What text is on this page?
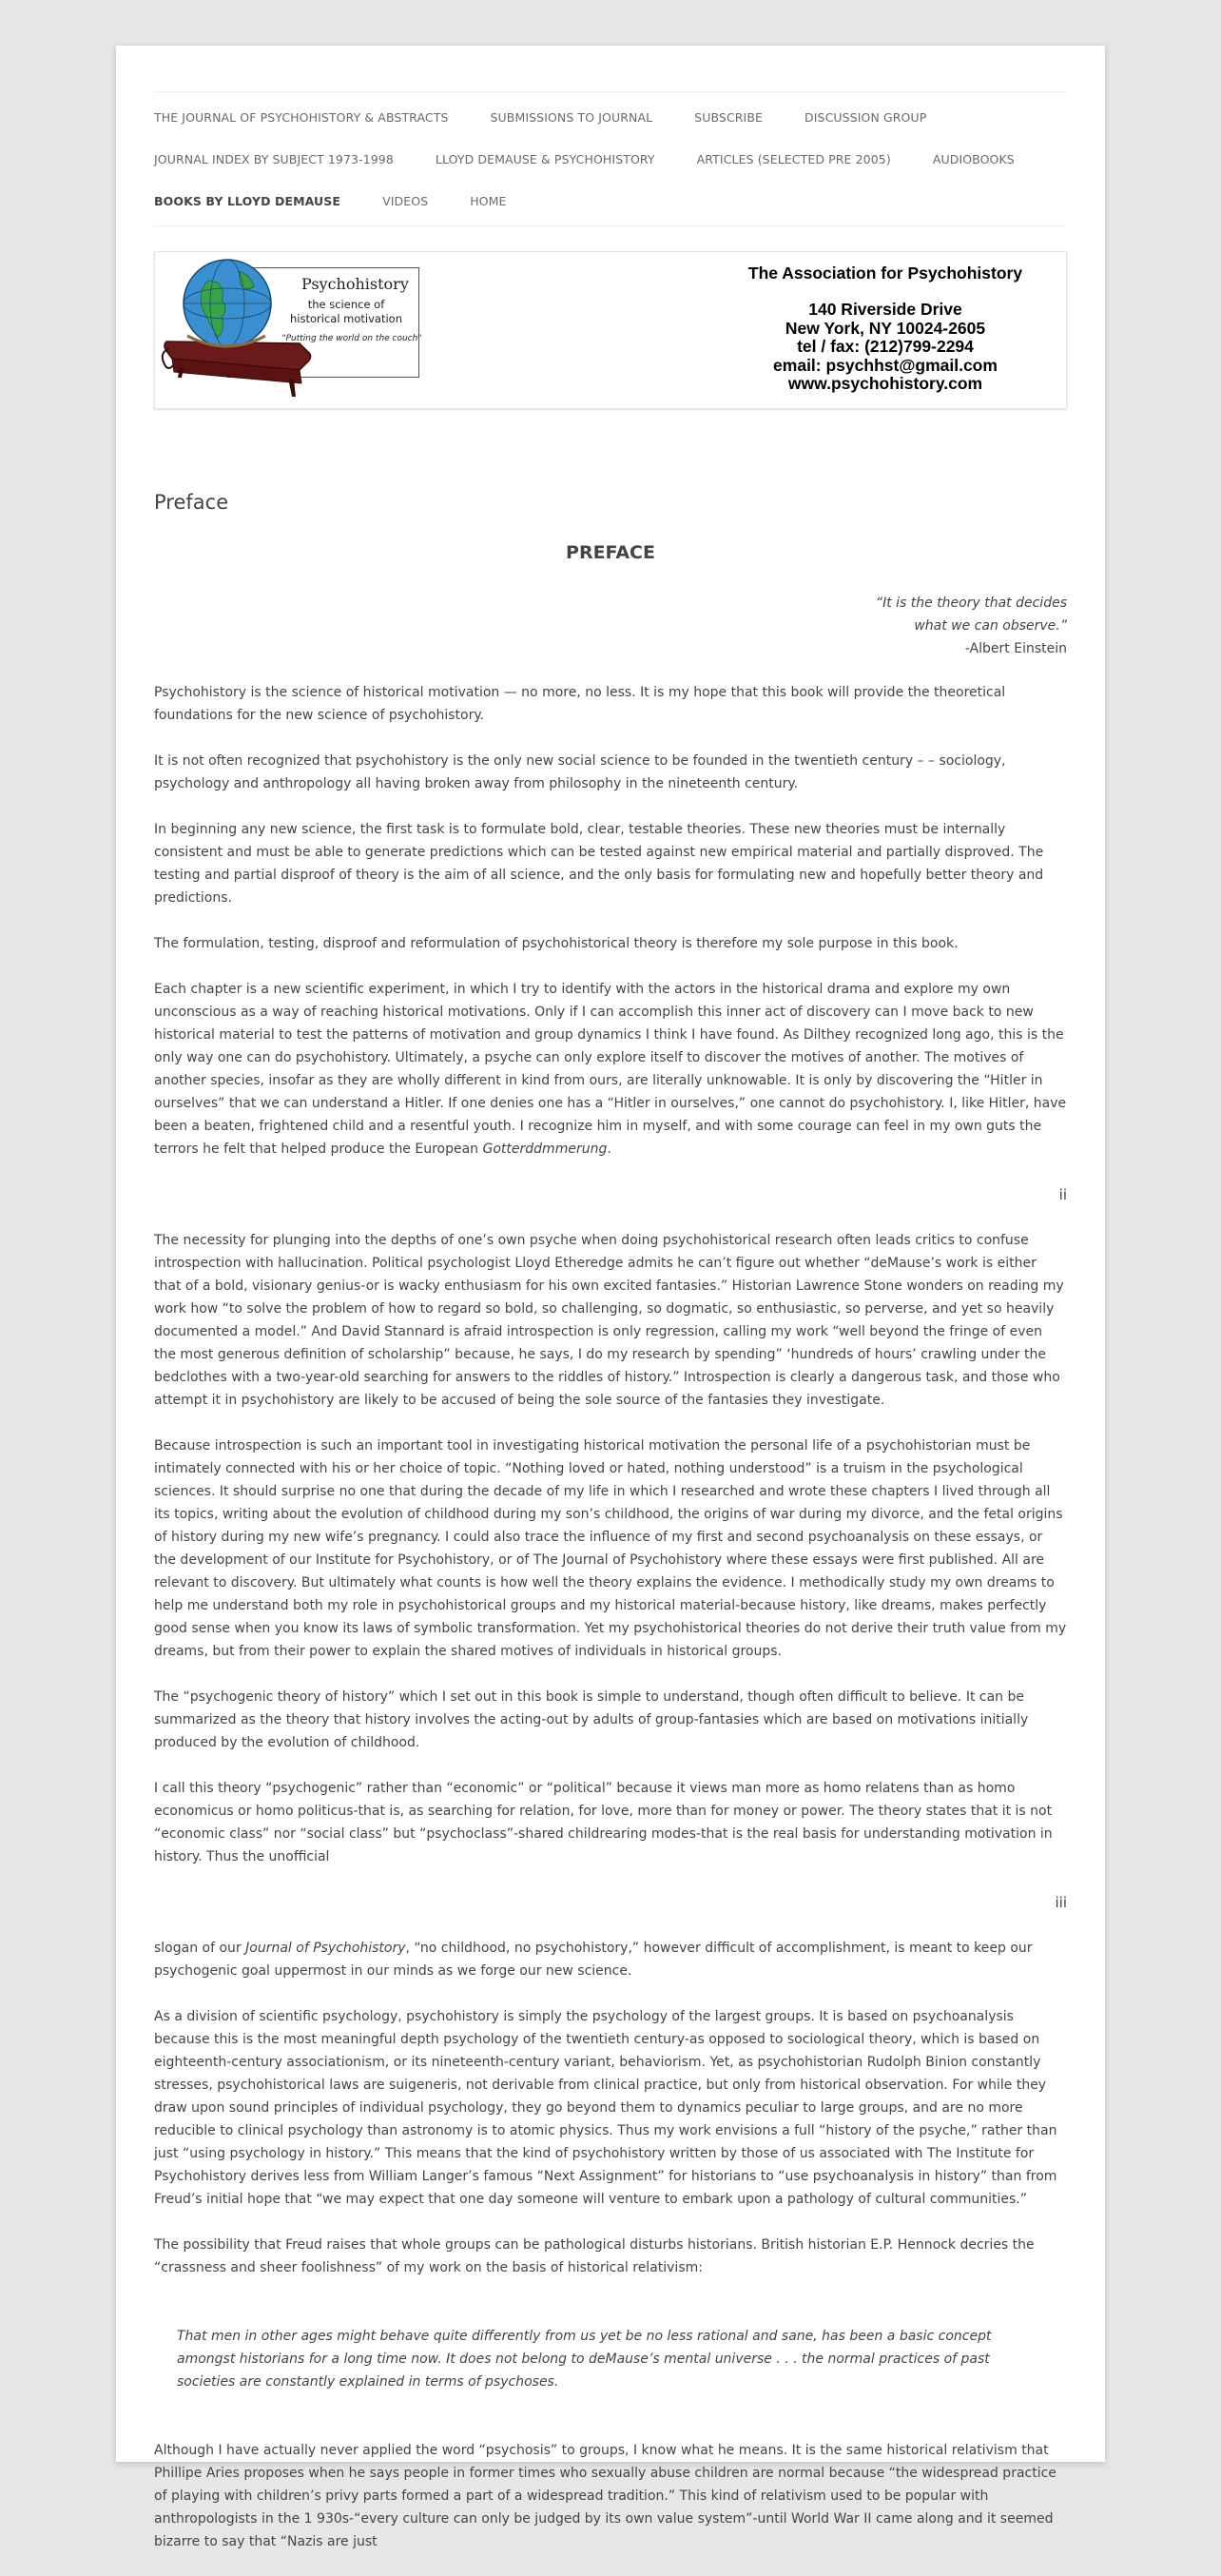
THE JOURNAL OF PSYCHOHISTORY & ABSTRACTS	SUBMISSIONS TO JOURNAL	SUBSCRIBE	DISCUSSION GROUP
JOURNAL INDEX BY SUBJECT 1973-1998	LLOYD DEMAUSE & PSYCHOHISTORY	ARTICLES (SELECTED PRE 2005)	AUDIOBOOKS
BOOKS BY LLOYD DEMAUSE	VIDEOS	HOME
Psychohistory
the science of
historical motivation
"Putting the world on the couch"
The Association for Psychohistory
140 Riverside Drive
New York, NY 10024-2605
tel / fax: (212)799-2294
email: psychhst@gmail.com
www.psychohistory.com
Preface
PREFACE
“It is the theory that decides
what we can observe.”
-Albert Einstein

Psychohistory is the science of historical motivation — no more, no less. It is my hope that this book will provide the theoretical foundations for the new science of psychohistory.

It is not often recognized that psychohistory is the only new social science to be founded in the twentieth century – – sociology, psychology and anthropology all having broken away from philosophy in the nineteenth century.

In beginning any new science, the first task is to formulate bold, clear, testable theories. These new theories must be internally consistent and must be able to generate predictions which can be tested against new empirical material and partially disproved. The testing and partial disproof of theory is the aim of all science, and the only basis for formulating new and hopefully better theory and predictions.

The formulation, testing, disproof and reformulation of psychohistorical theory is therefore my sole purpose in this book.

Each chapter is a new scientific experiment, in which I try to identify with the actors in the historical drama and explore my own unconscious as a way of reaching historical motivations. Only if I can accomplish this inner act of discovery can I move back to new historical material to test the patterns of motivation and group dynamics I think I have found. As Dilthey recognized long ago, this is the only way one can do psychohistory. Ultimately, a psyche can only explore itself to discover the motives of another. The motives of another species, insofar as they are wholly different in kind from ours, are literally unknowable. It is only by discovering the “Hitler in ourselves” that we can understand a Hitler. If one denies one has a “Hitler in ourselves,” one cannot do psychohistory. I, like Hitler, have been a beaten, frightened child and a resentful youth. I recognize him in myself, and with some courage can feel in my own guts the terrors he felt that helped produce the European Gotterddmmerung.

ii

The necessity for plunging into the depths of one’s own psyche when doing psychohistorical research often leads critics to confuse introspection with hallucination. Political psychologist Lloyd Etheredge admits he can’t figure out whether “deMause’s work is either that of a bold, visionary genius-or is wacky enthusiasm for his own excited fantasies.” Historian Lawrence Stone wonders on reading my work how “to solve the problem of how to regard so bold, so challenging, so dogmatic, so enthusiastic, so perverse, and yet so heavily documented a model.” And David Stannard is afraid introspection is only regression, calling my work “well beyond the fringe of even the most generous definition of scholarship” because, he says, I do my research by spending” ‘hundreds of hours’ crawling under the bedclothes with a two-year-old searching for answers to the riddles of history.” Introspection is clearly a dangerous task, and those who attempt it in psychohistory are likely to be accused of being the sole source of the fantasies they investigate.

Because introspection is such an important tool in investigating historical motivation the personal life of a psychohistorian must be intimately connected with his or her choice of topic. “Nothing loved or hated, nothing understood” is a truism in the psychological sciences. It should surprise no one that during the decade of my life in which I researched and wrote these chapters I lived through all its topics, writing about the evolution of childhood during my son’s childhood, the origins of war during my divorce, and the fetal origins of history during my new wife’s pregnancy. I could also trace the influence of my first and second psychoanalysis on these essays, or the development of our Institute for Psychohistory, or of The Journal of Psychohistory where these essays were first published. All are relevant to discovery. But ultimately what counts is how well the theory explains the evidence. I methodically study my own dreams to help me understand both my role in psychohistorical groups and my historical material-because history, like dreams, makes perfectly good sense when you know its laws of symbolic transformation. Yet my psychohistorical theories do not derive their truth value from my dreams, but from their power to explain the shared motives of individuals in historical groups.

The “psychogenic theory of history” which I set out in this book is simple to understand, though often difficult to believe. It can be summarized as the theory that history involves the acting-out by adults of group-fantasies which are based on motivations initially produced by the evolution of childhood.

I call this theory “psychogenic” rather than “economic” or “political” because it views man more as homo relatens than as homo economicus or homo politicus-that is, as searching for relation, for love, more than for money or power. The theory states that it is not “economic class” nor “social class” but “psychoclass”-shared childrearing modes-that is the real basis for understanding motivation in history. Thus the unofficial

iii

slogan of our Journal of Psychohistory, “no childhood, no psychohistory,” however difficult of accomplishment, is meant to keep our psychogenic goal uppermost in our minds as we forge our new science.

As a division of scientific psychology, psychohistory is simply the psychology of the largest groups. It is based on psychoanalysis because this is the most meaningful depth psychology of the twentieth century-as opposed to sociological theory, which is based on eighteenth-century associationism, or its nineteenth-century variant, behaviorism. Yet, as psychohistorian Rudolph Binion constantly stresses, psychohistorical laws are suigeneris, not derivable from clinical practice, but only from historical observation. For while they draw upon sound principles of individual psychology, they go beyond them to dynamics peculiar to large groups, and are no more reducible to clinical psychology than astronomy is to atomic physics. Thus my work envisions a full “history of the psyche,” rather than just “using psychology in history.” This means that the kind of psychohistory written by those of us associated with The Institute for Psychohistory derives less from William Langer’s famous “Next Assignment” for historians to “use psychoanalysis in history” than from Freud’s initial hope that “we may expect that one day someone will venture to embark upon a pathology of cultural communities.”

The possibility that Freud raises that whole groups can be pathological disturbs historians. British historian E.P. Hennock decries the “crassness and sheer foolishness” of my work on the basis of historical relativism:

That men in other ages might behave quite differently from us yet be no less rational and sane, has been a basic concept amongst historians for a long time now. It does not belong to deMause’s mental universe . . . the normal practices of past societies are constantly explained in terms of psychoses.

Although I have actually never applied the word “psychosis” to groups, I know what he means. It is the same historical relativism that Phillipe Aries proposes when he says people in former times who sexually abuse children are normal because “the widespread practice of playing with children’s privy parts formed a part of a widespread tradition.” This kind of relativism used to be popular with anthropologists in the 1 930s-“every culture can only be judged by its own value system”-until World War II came along and it seemed bizarre to say that “Nazis are just
